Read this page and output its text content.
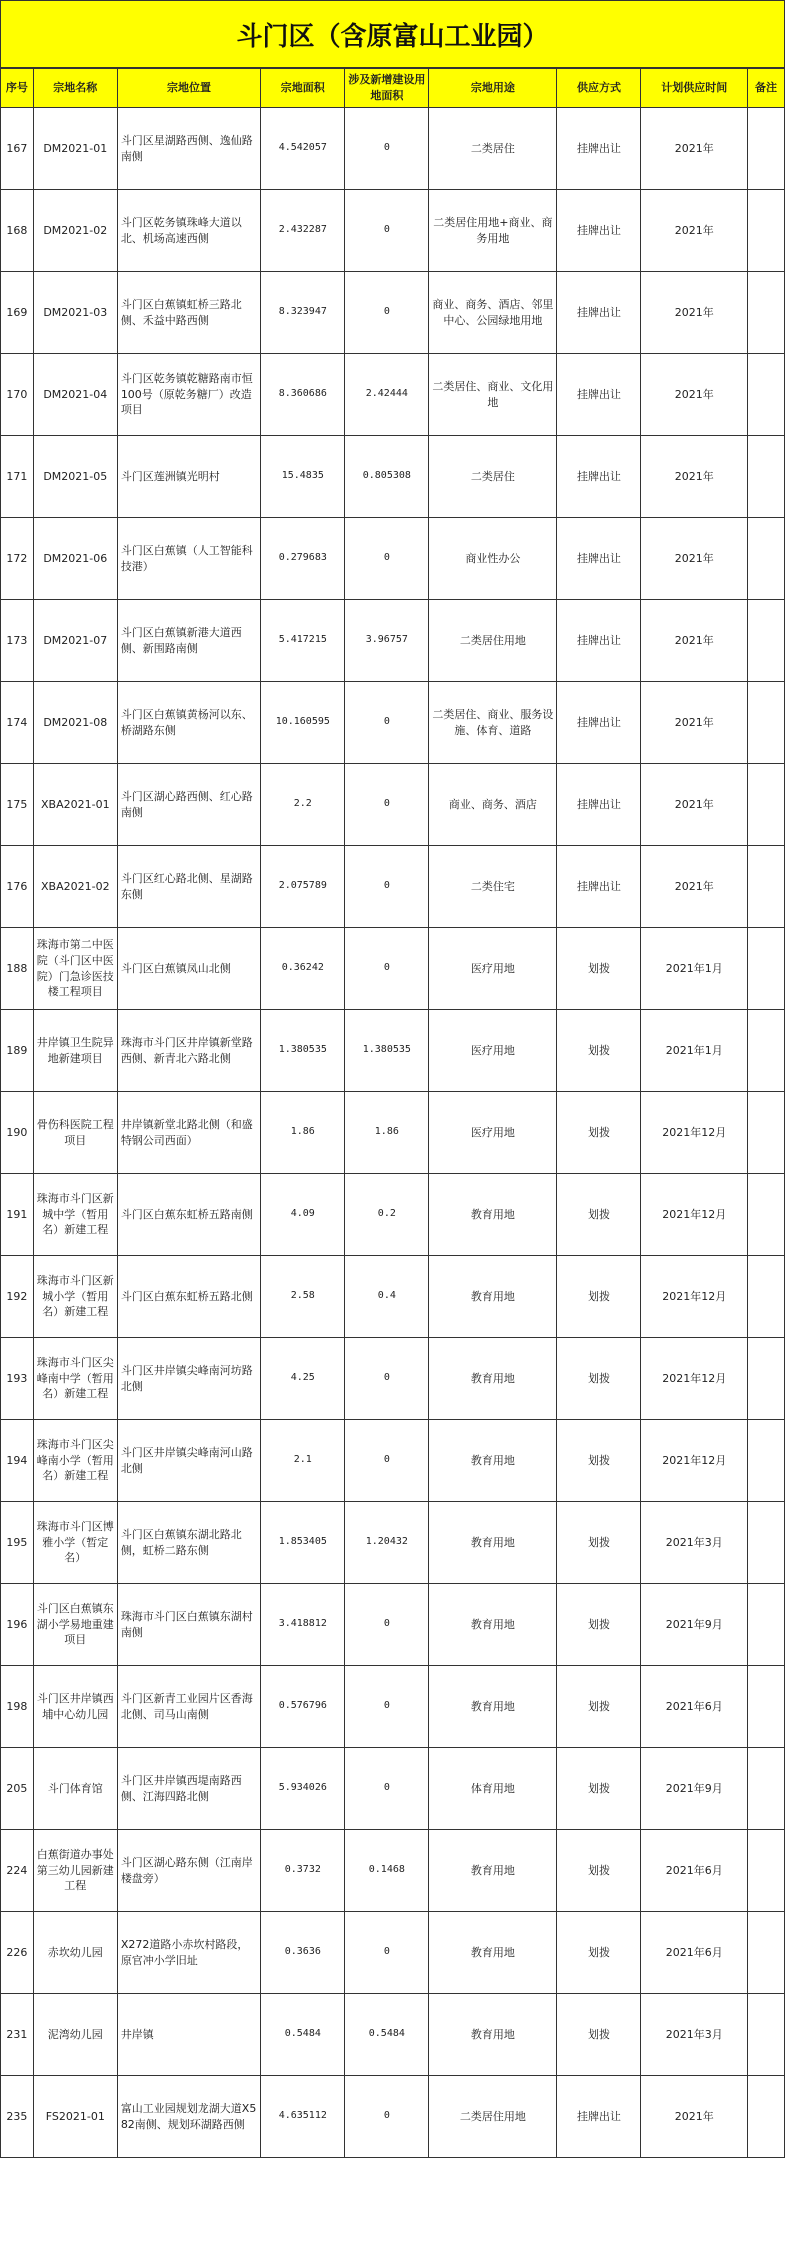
斗门区（含原富山工业园）
序号	宗地名称	宗地位置	宗地面积	涉及新增建设用地面积	宗地用途	供应方式	计划供应时间	备注
167	DM2021-01	斗门区星湖路西侧、逸仙路南侧	4.542057	0	二类居住	挂牌出让	2021年	
168	DM2021-02	斗门区乾务镇珠峰大道以北、机场高速西侧	2.432287	0	二类居住用地+商业、商务用地	挂牌出让	2021年	
169	DM2021-03	斗门区白蕉镇虹桥三路北侧、禾益中路西侧	8.323947	0	商业、商务、酒店、邻里中心、公园绿地用地	挂牌出让	2021年	
170	DM2021-04	斗门区乾务镇乾糖路南市恒100号（原乾务糖厂）改造项目	8.360686	2.42444	二类居住、商业、文化用地	挂牌出让	2021年	
171	DM2021-05	斗门区莲洲镇光明村	15.4835	0.805308	二类居住	挂牌出让	2021年	
172	DM2021-06	斗门区白蕉镇（人工智能科技港）	0.279683	0	商业性办公	挂牌出让	2021年	
173	DM2021-07	斗门区白蕉镇新港大道西侧、新围路南侧	5.417215	3.96757	二类居住用地	挂牌出让	2021年	
174	DM2021-08	斗门区白蕉镇黄杨河以东、桥湖路东侧	10.160595	0	二类居住、商业、服务设施、体育、道路	挂牌出让	2021年	
175	XBA2021-01	斗门区湖心路西侧、红心路南侧	2.2	0	商业、商务、酒店	挂牌出让	2021年	
176	XBA2021-02	斗门区红心路北侧、星湖路东侧	2.075789	0	二类住宅	挂牌出让	2021年	
188	珠海市第二中医院（斗门区中医院）门急诊医技楼工程项目	斗门区白蕉镇凤山北侧	0.36242	0	医疗用地	划拨	2021年1月	
189	井岸镇卫生院异地新建项目	珠海市斗门区井岸镇新堂路西侧、新青北六路北侧	1.380535	1.380535	医疗用地	划拨	2021年1月	
190	骨伤科医院工程项目	井岸镇新堂北路北侧（和盛特钢公司西面）	1.86	1.86	医疗用地	划拨	2021年12月	
191	珠海市斗门区新城中学（暂用名）新建工程	斗门区白蕉东虹桥五路南侧	4.09	0.2	教育用地	划拨	2021年12月	
192	珠海市斗门区新城小学（暂用名）新建工程	斗门区白蕉东虹桥五路北侧	2.58	0.4	教育用地	划拨	2021年12月	
193	珠海市斗门区尖峰南中学（暂用名）新建工程	斗门区井岸镇尖峰南河坊路北侧	4.25	0	教育用地	划拨	2021年12月	
194	珠海市斗门区尖峰南小学（暂用名）新建工程	斗门区井岸镇尖峰南河山路北侧	2.1	0	教育用地	划拨	2021年12月	
195	珠海市斗门区博雅小学（暂定名）	斗门区白蕉镇东湖北路北侧，虹桥二路东侧	1.853405	1.20432	教育用地	划拨	2021年3月	
196	斗门区白蕉镇东湖小学易地重建项目	珠海市斗门区白蕉镇东湖村南侧	3.418812	0	教育用地	划拨	2021年9月	
198	斗门区井岸镇西埔中心幼儿园	斗门区新青工业园片区香海北侧、司马山南侧	0.576796	0	教育用地	划拨	2021年6月	
205	斗门体育馆	斗门区井岸镇西堤南路西侧、江海四路北侧	5.934026	0	体育用地	划拨	2021年9月	
224	白蕉街道办事处第三幼儿园新建工程	斗门区湖心路东侧（江南岸楼盘旁）	0.3732	0.1468	教育用地	划拨	2021年6月	
226	赤坎幼儿园	X272道路小赤坎村路段，原官冲小学旧址	0.3636	0	教育用地	划拨	2021年6月	
231	泥湾幼儿园	井岸镇	0.5484	0.5484	教育用地	划拨	2021年3月	
235	FS2021-01	富山工业园规划龙湖大道X582南侧、规划环湖路西侧	4.635112	0	二类居住用地	挂牌出让	2021年	
